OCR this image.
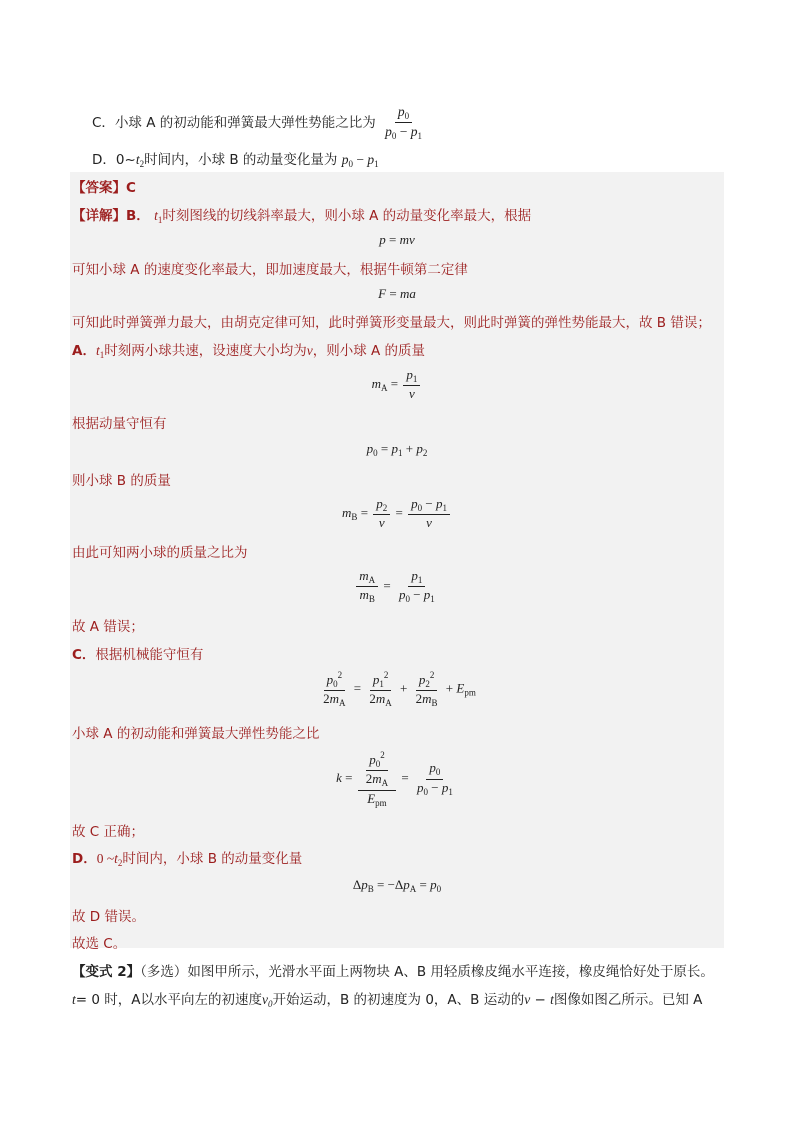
C．小球 A 的初动能和弹簧最大弹性势能之比为 $\frac{p_0}{p_0 - p_1}$
D．$0\sim t_2$时间内，小球 B 的动量变化量为 $p_0 - p_1$
【答案】C
【详解】B． $t_1$时刻图线的切线斜率最大，则小球 A 的动量变化率最大，根据
p = mv
可知小球 A 的速度变化率最大，即加速度最大，根据牛顿第二定律
F = ma
可知此时弹簧弹力最大，由胡克定律可知，此时弹簧形变量最大，则此时弹簧的弹性势能最大，故 B 错误；
A．$t_1$时刻两小球共速，设速度大小均为v，则小球 A 的质量
$m_A = \frac{p_1}{v}$
根据动量守恒有
$p_0 = p_1 + p_2$
则小球 B 的质量
$m_B = \frac{p_2}{v} = \frac{p_0 - p_1}{v}$
由此可知两小球的质量之比为
$\frac{m_A}{m_B} = \frac{p_1}{p_0 - p_1}$
故 A 错误；
C．根据机械能守恒有
$\frac{p_0^2}{2m_A} = \frac{p_1^2}{2m_A} + \frac{p_2^2}{2m_B} + E_{pm}$
小球 A 的初动能和弹簧最大弹性势能之比
$k = \frac{\frac{p_0^2}{2m_A}}{E_{pm}} = \frac{p_0}{p_0 - p_1}$
故 C 正确；
D．0 $\sim t_2$时间内，小球 B 的动量变化量
$\Delta p_B = -\Delta p_A = p_0$
故 D 错误。
故选 C。
【变式 2】（多选）如图甲所示，光滑水平面上两物块 A、B 用轻质橡皮绳水平连接，橡皮绳恰好处于原长。
t= 0 时，A以水平向左的初速度$v_0$开始运动，B 的初速度为 0，A、B 运动的v − t图像如图乙所示。已知 A
